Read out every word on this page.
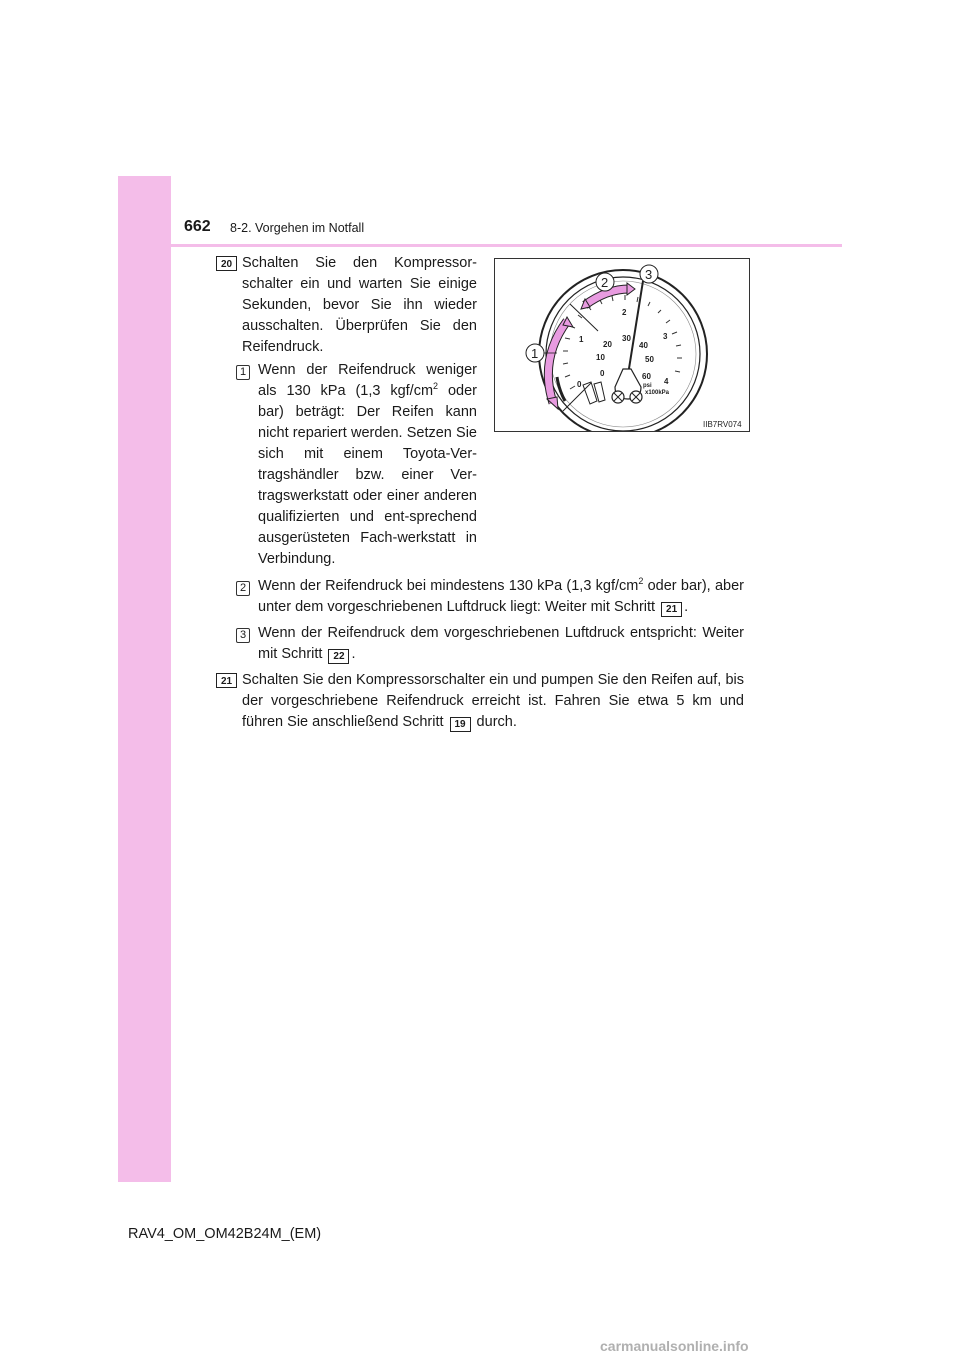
662 8-2. Vorgehen im Notfall
20 Schalten Sie den Kompressor-schalter ein und warten Sie einige Sekunden, bevor Sie ihn wieder ausschalten. Überprüfen Sie den Reifendruck.
1 Wenn der Reifendruck weniger als 130 kPa (1,3 kgf/$cm^2$ oder bar) beträgt: Der Reifen kann nicht repariert werden. Setzen Sie sich mit einem Toyota-Ver-tragshändler bzw. einer Ver-tragswerkstatt oder einer anderen qualifizierten und ent-sprechend ausgerüsteten Fach-werkstatt in Verbindung.
0
1
2
3
4
0
10
20
30
40
50
60
psi
x100kPa
1
2
3
IIB7RV074
2 Wenn der Reifendruck bei mindestens 130 kPa (1,3 kgf/$cm^2$ oder bar), aber unter dem vorgeschriebenen Luftdruck liegt: Weiter mit Schritt 21 .
3 Wenn der Reifendruck dem vorgeschriebenen Luftdruck entspricht: Weiter mit Schritt 22 .
21 Schalten Sie den Kompressorschalter ein und pumpen Sie den Reifen auf, bis der vorgeschriebene Reifendruck erreicht ist. Fahren Sie etwa 5 km und führen Sie anschließend Schritt 19 durch.
RAV4_OM_OM42B24M_(EM)
carmanualsonline.info
